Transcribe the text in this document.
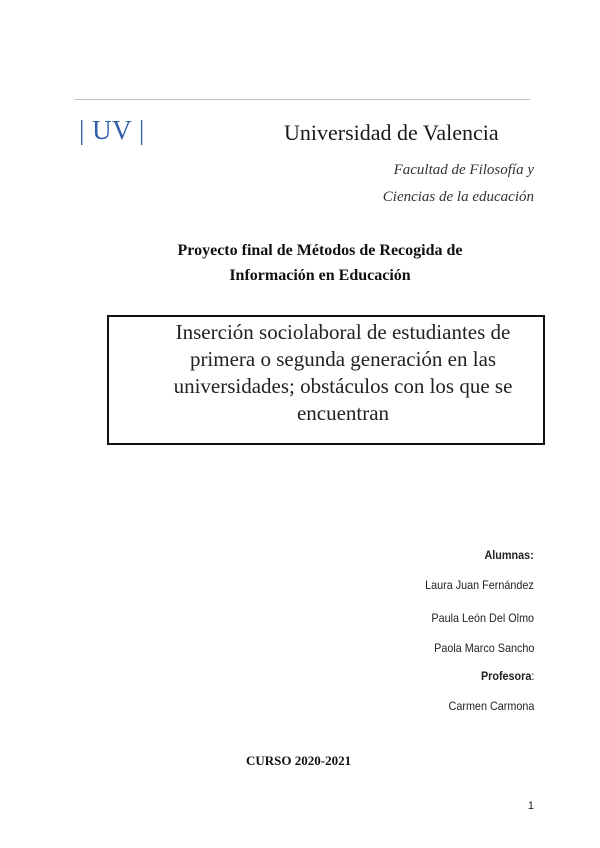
| UV |	Universidad de Valencia
Facultad de Filosofía y
Ciencias de la educación
Proyecto final de Métodos de Recogida de
Información en Educación
Inserción sociolaboral de estudiantes de
primera o segunda generación en las
universidades; obstáculos con los que se
encuentran
Alumnas:
Laura Juan Fernández
Paula León Del Olmo
Paola Marco Sancho
Profesora:
Carmen Carmona
CURSO 2020-2021
1
